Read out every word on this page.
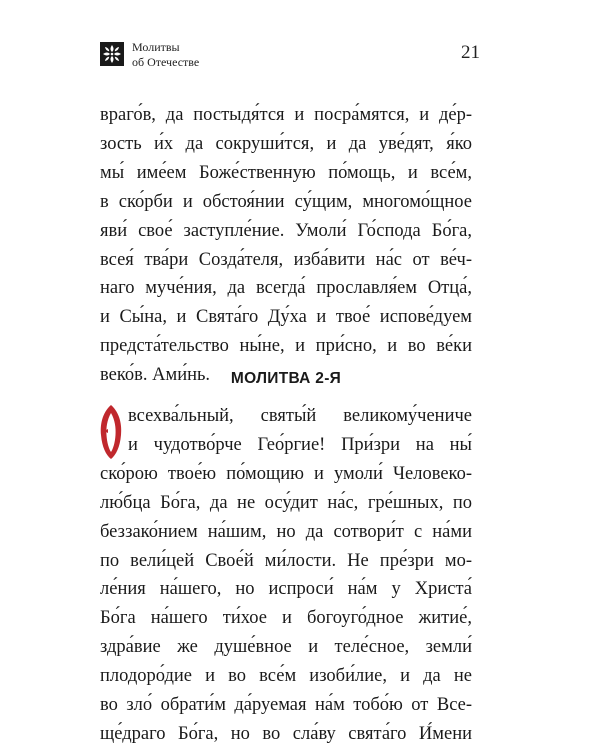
Молитвы
об Отечестве	21
враго́в, да постыдя́тся и посра́мятся, и де́р-
зость и́х да сокруши́тся, и да уве́дят, я́ко
мы́ име́ем Боже́ственную по́мощь, и все́м,
в ско́рби и обстоя́нии су́щим, многомо́щное
яви́ свое́ заступле́ние. Умоли́ Го́спода Бо́га,
всея́ тва́ри Созда́теля, изба́вити на́с от ве́ч-
наго муче́ния, да всегда́ прославля́ем Отца́,
и Сы́на, и Свята́го Ду́ха и твое́ испове́дуем
предста́тельство ны́не, и при́сно, и во ве́ки
веко́в. Ами́нь.	МОЛИТВА 2-Я
всехва́льный, святы́й великому́чениче
и чудотво́рче Гео́ргие! При́зри на ны́
ско́рою твое́ю по́мощию и умоли́ Человеко-
лю́бца Бо́га, да не осу́дит на́с, гре́шных, по
беззако́нием на́шим, но да сотвори́т с на́ми
по вели́цей Свое́й ми́лости. Не пре́зри мо-
ле́ния на́шего, но испроси́ на́м у Христа́
Бо́га на́шего ти́хое и богоуго́дное житие́,
здра́вие же душе́вное и теле́сное, земли́
плодоро́дие и во все́м изоби́лие, и да не
во зло́ обрати́м да́руемая на́м тобо́ю от Все-
ще́драго Бо́га, но во сла́ву свята́го И́мени
